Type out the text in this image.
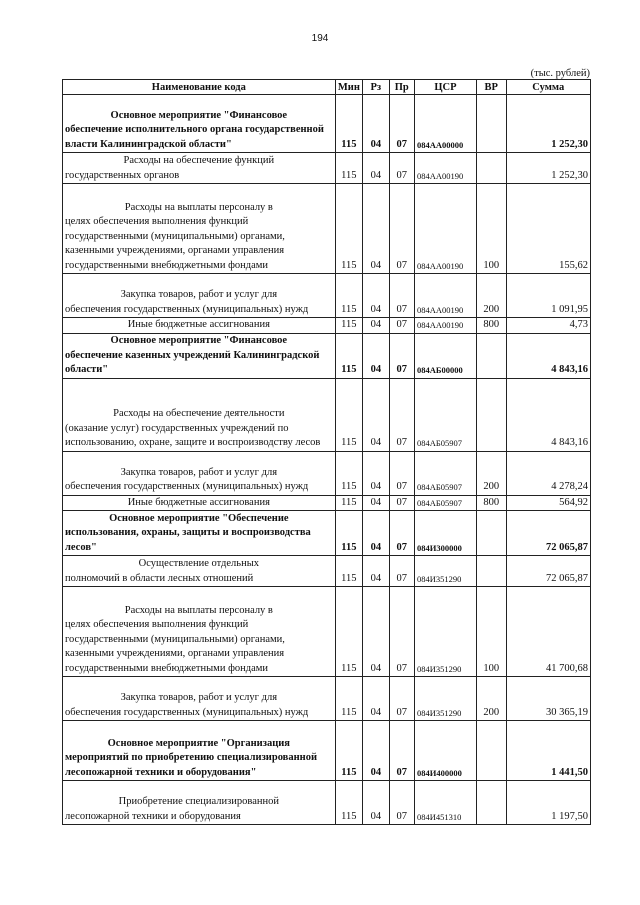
194
(тыс. рублей)
Наименование кода	Мин	Рз	Пр	ЦСР	ВР	Сумма

Основное мероприятие "Финансовое
обеспечение исполнительного органа государственной власти Калининградской области"	115	04	07	084АА00000		1 252,30

Расходы на обеспечение функций
государственных органов	115	04	07	084АА00190		1 252,30

Расходы на выплаты персоналу в
целях обеспечения выполнения функций государственными (муниципальными) органами, казенными учреждениями, органами управления государственными внебюджетными фондами	115	04	07	084АА00190	100	155,62

Закупка товаров, работ и услуг для
обеспечения государственных (муниципальных) нужд	115	04	07	084АА00190	200	1 091,95

Иные бюджетные ассигнования	115	04	07	084АА00190	800	4,73

Основное мероприятие "Финансовое
обеспечение казенных учреждений Калининградской области"	115	04	07	084АБ00000		4 843,16

Расходы на обеспечение деятельности
(оказание услуг) государственных учреждений по использованию, охране, защите и воспроизводству лесов	115	04	07	084АБ05907		4 843,16

Закупка товаров, работ и услуг для
обеспечения государственных (муниципальных) нужд	115	04	07	084АБ05907	200	4 278,24

Иные бюджетные ассигнования	115	04	07	084АБ05907	800	564,92

Основное мероприятие "Обеспечение
использования, охраны, защиты и воспроизводства лесов"	115	04	07	084И300000		72 065,87

Осуществление отдельных
полномочий в области лесных отношений	115	04	07	084И351290		72 065,87

Расходы на выплаты персоналу в
целях обеспечения выполнения функций государственными (муниципальными) органами, казенными учреждениями, органами управления государственными внебюджетными фондами	115	04	07	084И351290	100	41 700,68

Закупка товаров, работ и услуг для
обеспечения государственных (муниципальных) нужд	115	04	07	084И351290	200	30 365,19

Основное мероприятие "Организация
мероприятий по приобретению специализированной лесопожарной техники и оборудования"	115	04	07	084И400000		1 441,50

Приобретение специализированной
лесопожарной техники и оборудования	115	04	07	084И451310		1 197,50
